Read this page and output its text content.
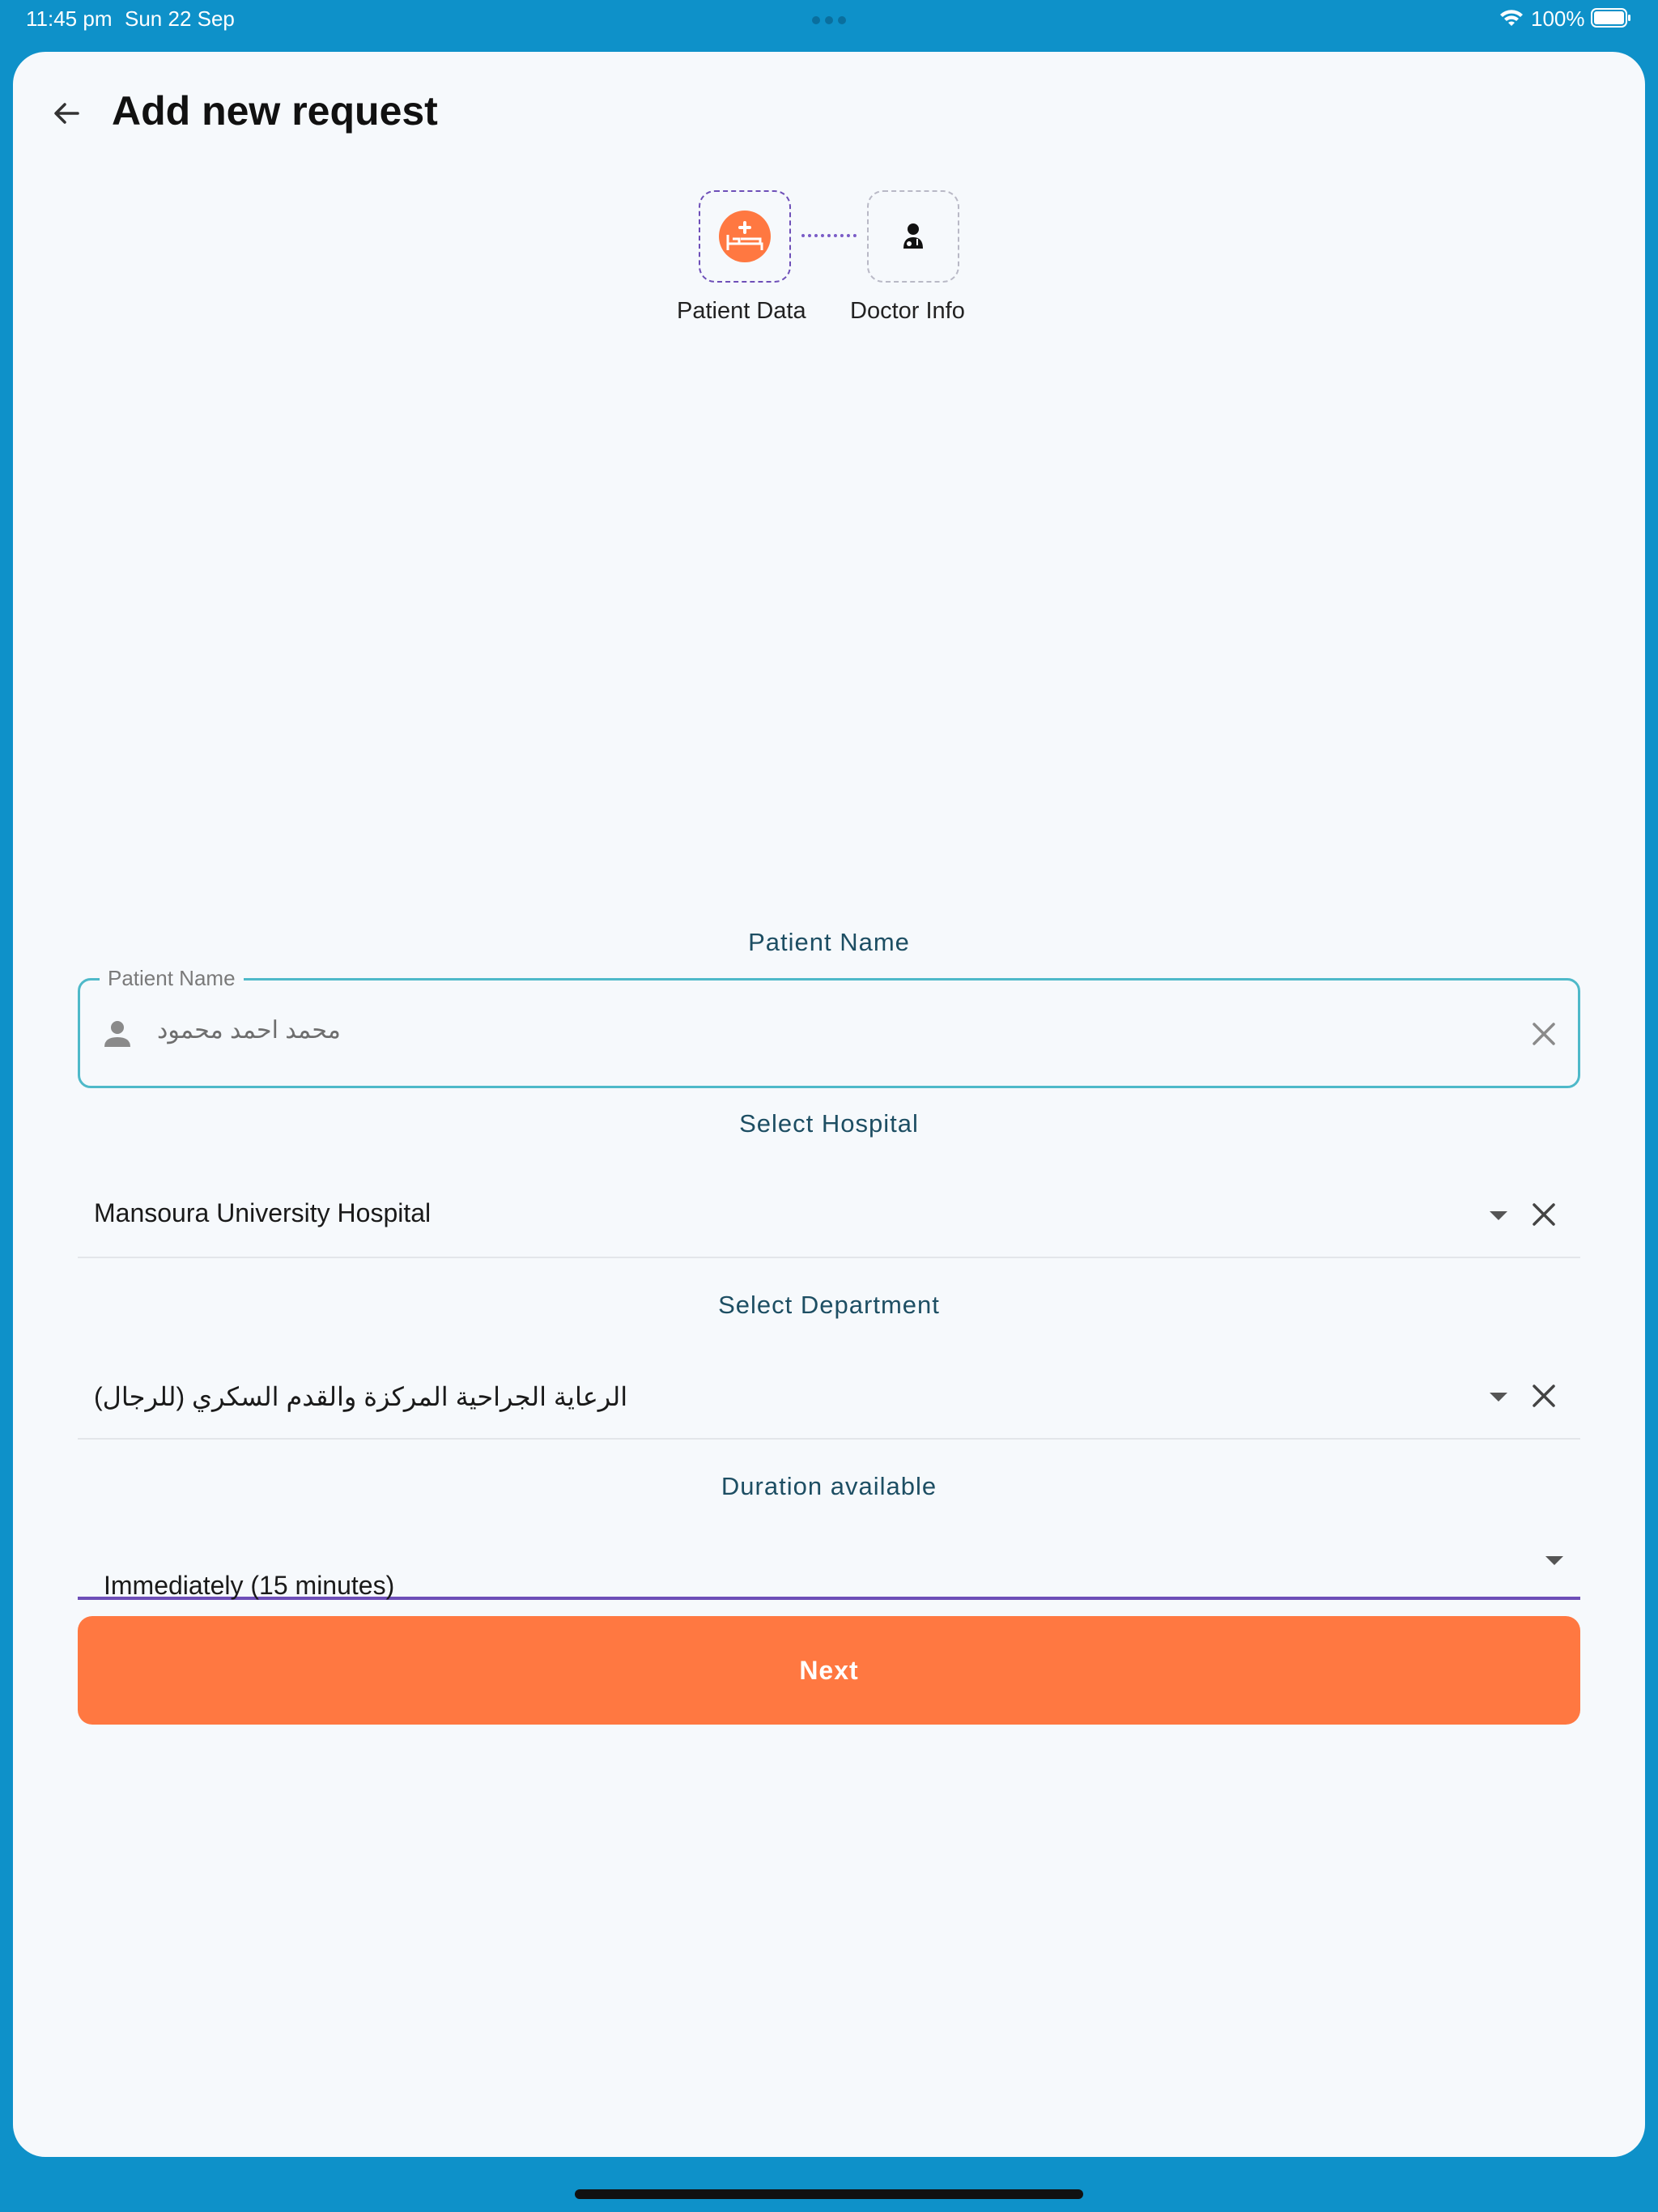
11:45 pm Sun 22 Sep	100%
Add new request
Patient Data Doctor Info
Patient Name
Patient Name
محمد احمد محمود
Select Hospital
Mansoura University Hospital
Select Department
الرعاية الجراحية المركزة والقدم السكري (للرجال)
Duration available
Immediately (15 minutes)
Next
